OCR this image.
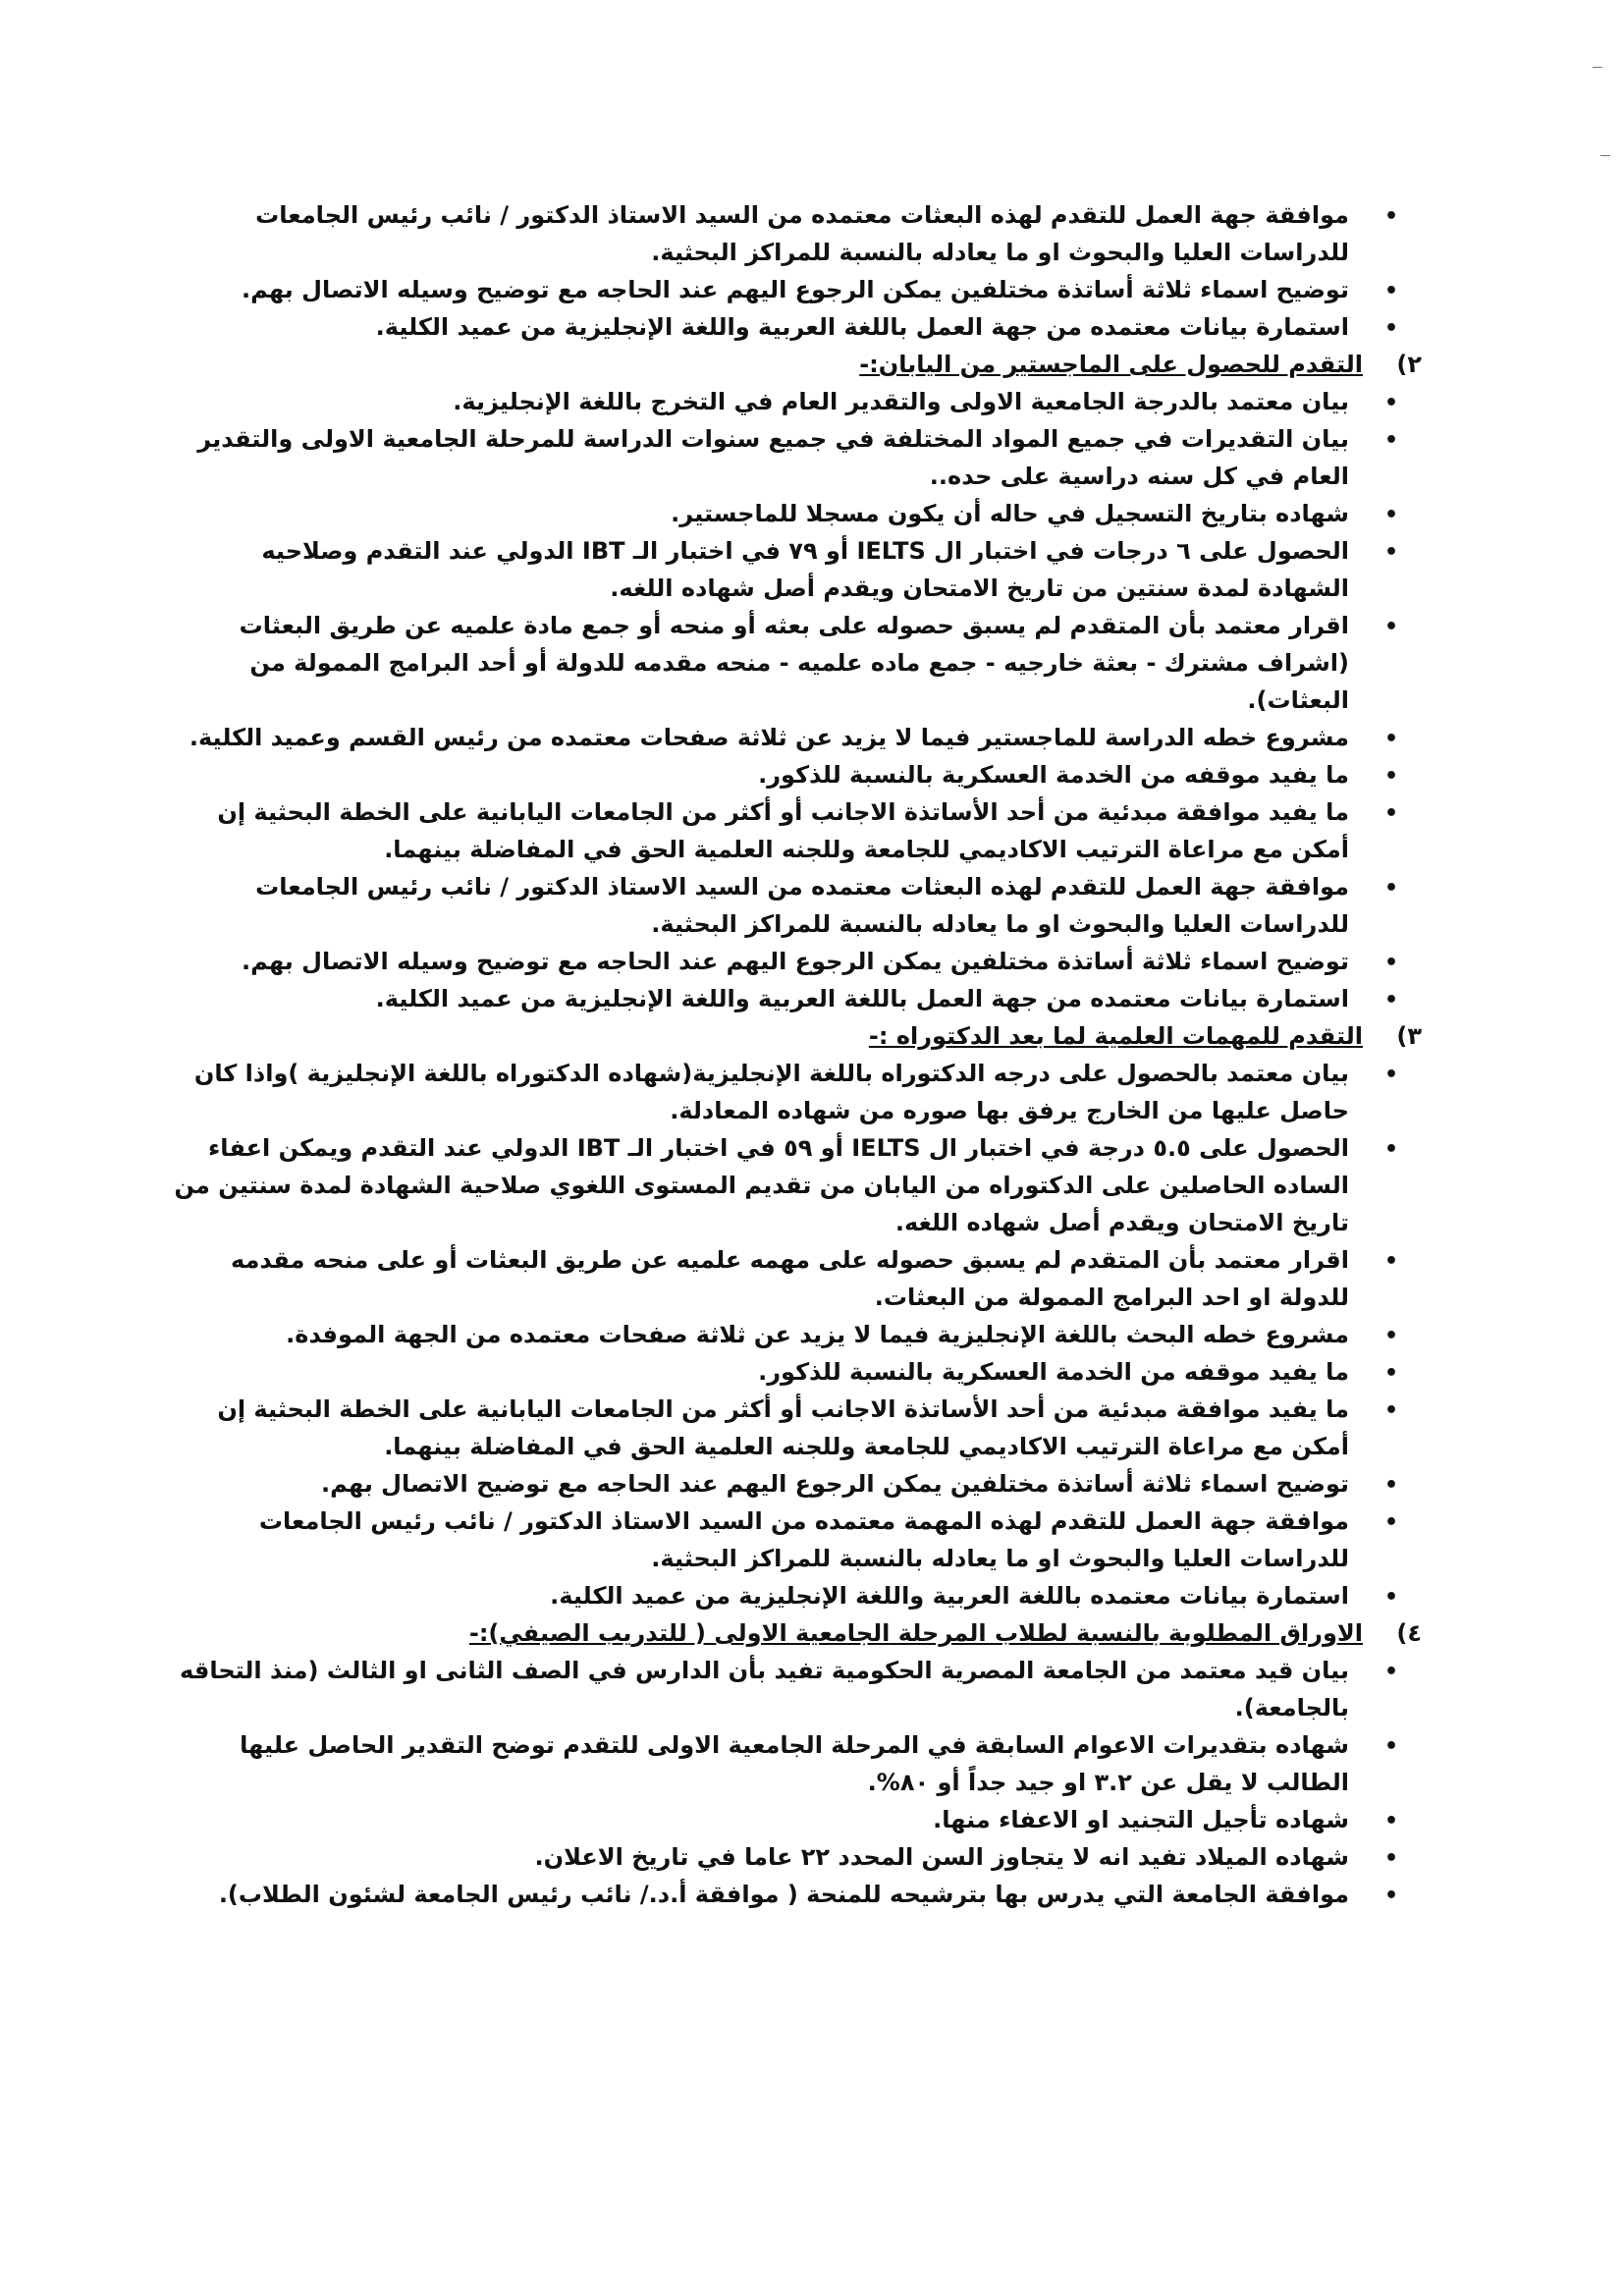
• موافقة جهة العمل للتقدم لهذه البعثات معتمده من السيد الاستاذ الدكتور / نائب رئيس الجامعات للدراسات العليا والبحوث او ما يعادله بالنسبة للمراكز البحثية.
• توضيح اسماء ثلاثة أساتذة مختلفين يمكن الرجوع اليهم عند الحاجه مع توضيح وسيله الاتصال بهم.
• استمارة بيانات معتمده من جهة العمل باللغة العربية واللغة الإنجليزية من عميد الكلية.
٢)التقدم للحصول على الماجستير من اليابان:-
• بيان معتمد بالدرجة الجامعية الاولى والتقدير العام في التخرج باللغة الإنجليزية.
• بيان التقديرات في جميع المواد المختلفة في جميع سنوات الدراسة للمرحلة الجامعية الاولى والتقدير العام في كل سنه دراسية على حده..
• شهاده بتاريخ التسجيل في حاله أن يكون مسجلا للماجستير.
• الحصول على ٦ درجات في اختبار ال IELTS أو ٧٩ في اختبار الـ IBT الدولي عند التقدم وصلاحيه الشهادة لمدة سنتين من تاريخ الامتحان ويقدم أصل شهاده اللغه.
• اقرار معتمد بأن المتقدم لم يسبق حصوله على بعثه أو منحه أو جمع مادة علميه عن طريق البعثات (اشراف مشترك - بعثة خارجيه - جمع ماده علميه - منحه مقدمه للدولة أو أحد البرامج الممولة من البعثات).
• مشروع خطه الدراسة للماجستير فيما لا يزيد عن ثلاثة صفحات معتمده من رئيس القسم وعميد الكلية.
• ما يفيد موقفه من الخدمة العسكرية بالنسبة للذكور.
• ما يفيد موافقة مبدئية من أحد الأساتذة الاجانب أو أكثر من الجامعات اليابانية على الخطة البحثية إن أمكن مع مراعاة الترتيب الاكاديمي للجامعة وللجنه العلمية الحق في المفاضلة بينهما.
• موافقة جهة العمل للتقدم لهذه البعثات معتمده من السيد الاستاذ الدكتور / نائب رئيس الجامعات للدراسات العليا والبحوث او ما يعادله بالنسبة للمراكز البحثية.
• توضيح اسماء ثلاثة أساتذة مختلفين يمكن الرجوع اليهم عند الحاجه مع توضيح وسيله الاتصال بهم.
• استمارة بيانات معتمده من جهة العمل باللغة العربية واللغة الإنجليزية من عميد الكلية.
٣)التقدم للمهمات العلمية لما بعد الدكتوراه :-
• بيان معتمد بالحصول على درجه الدكتوراه باللغة الإنجليزية(شهاده الدكتوراه باللغة الإنجليزية )واذا كان حاصل عليها من الخارج يرفق بها صوره من شهاده المعادلة.
• الحصول على ٥.٥ درجة في اختبار ال IELTS أو ٥٩ في اختبار الـ IBT الدولي عند التقدم ويمكن اعفاء الساده الحاصلين على الدكتوراه من اليابان من تقديم المستوى اللغوي صلاحية الشهادة لمدة سنتين من تاريخ الامتحان ويقدم أصل شهاده اللغه.
• اقرار معتمد بأن المتقدم لم يسبق حصوله على مهمه علميه عن طريق البعثات أو على منحه مقدمه للدولة او احد البرامج الممولة من البعثات.
• مشروع خطه البحث باللغة الإنجليزية فيما لا يزيد عن ثلاثة صفحات معتمده من الجهة الموفدة.
• ما يفيد موقفه من الخدمة العسكرية بالنسبة للذكور.
• ما يفيد موافقة مبدئية من أحد الأساتذة الاجانب أو أكثر من الجامعات اليابانية على الخطة البحثية إن أمكن مع مراعاة الترتيب الاكاديمي للجامعة وللجنه العلمية الحق في المفاضلة بينهما.
• توضيح اسماء ثلاثة أساتذة مختلفين يمكن الرجوع اليهم عند الحاجه مع توضيح الاتصال بهم.
• موافقة جهة العمل للتقدم لهذه المهمة معتمده من السيد الاستاذ الدكتور / نائب رئيس الجامعات للدراسات العليا والبحوث او ما يعادله بالنسبة للمراكز البحثية.
• استمارة بيانات معتمده باللغة العربية واللغة الإنجليزية من عميد الكلية.
٤)الاوراق المطلوبة بالنسبة لطلاب المرحلة الجامعية الاولى ( للتدريب الصيفي):-
• بيان قيد معتمد من الجامعة المصرية الحكومية تفيد بأن الدارس في الصف الثانى او الثالث (منذ التحاقه بالجامعة).
• شهاده بتقديرات الاعوام السابقة في المرحلة الجامعية الاولى للتقدم توضح التقدير الحاصل عليها الطالب لا يقل عن ٣.٢ او جيد جداً أو ٨٠%.
• شهاده تأجيل التجنيد او الاعفاء منها.
• شهاده الميلاد تفيد انه لا يتجاوز السن المحدد ٢٢ عاما في تاريخ الاعلان.
• موافقة الجامعة التي يدرس بها بترشيحه للمنحة ( موافقة أ.د./ نائب رئيس الجامعة لشئون الطلاب).
